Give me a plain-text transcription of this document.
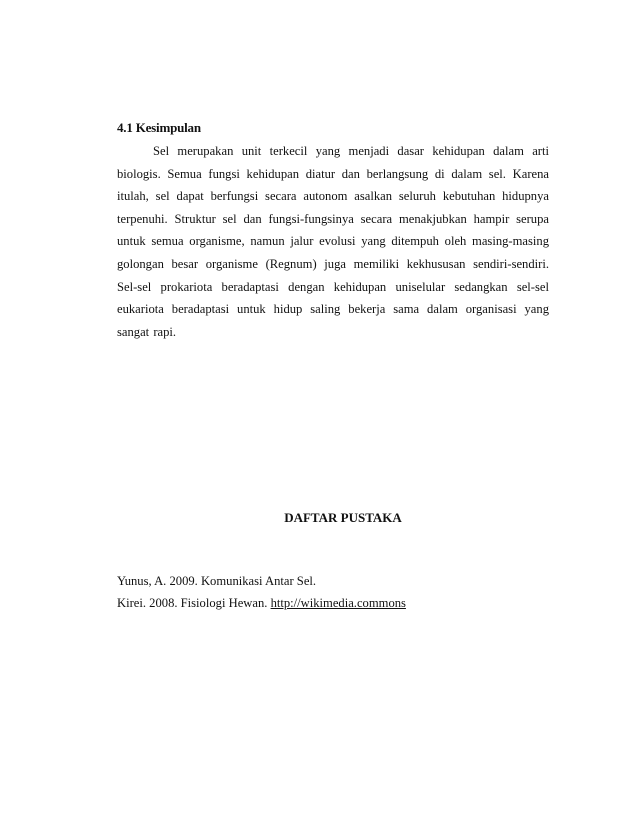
4.1 Kesimpulan

Sel merupakan unit terkecil yang menjadi dasar kehidupan dalam arti biologis. Semua fungsi kehidupan diatur dan berlangsung di dalam sel. Karena itulah, sel dapat berfungsi secara autonom asalkan seluruh kebutuhan hidupnya terpenuhi. Struktur sel dan fungsi-fungsinya secara menakjubkan hampir serupa untuk semua organisme, namun jalur evolusi yang ditempuh oleh masing-masing golongan besar organisme (Regnum) juga memiliki kekhususan sendiri-sendiri. Sel-sel prokariota beradaptasi dengan kehidupan uniselular sedangkan sel-sel eukariota beradaptasi untuk hidup saling bekerja sama dalam organisasi yang sangat rapi.

DAFTAR PUSTAKA
Yunus, A. 2009. Komunikasi Antar Sel.
Kirei. 2008. Fisiologi Hewan. http://wikimedia.commons
